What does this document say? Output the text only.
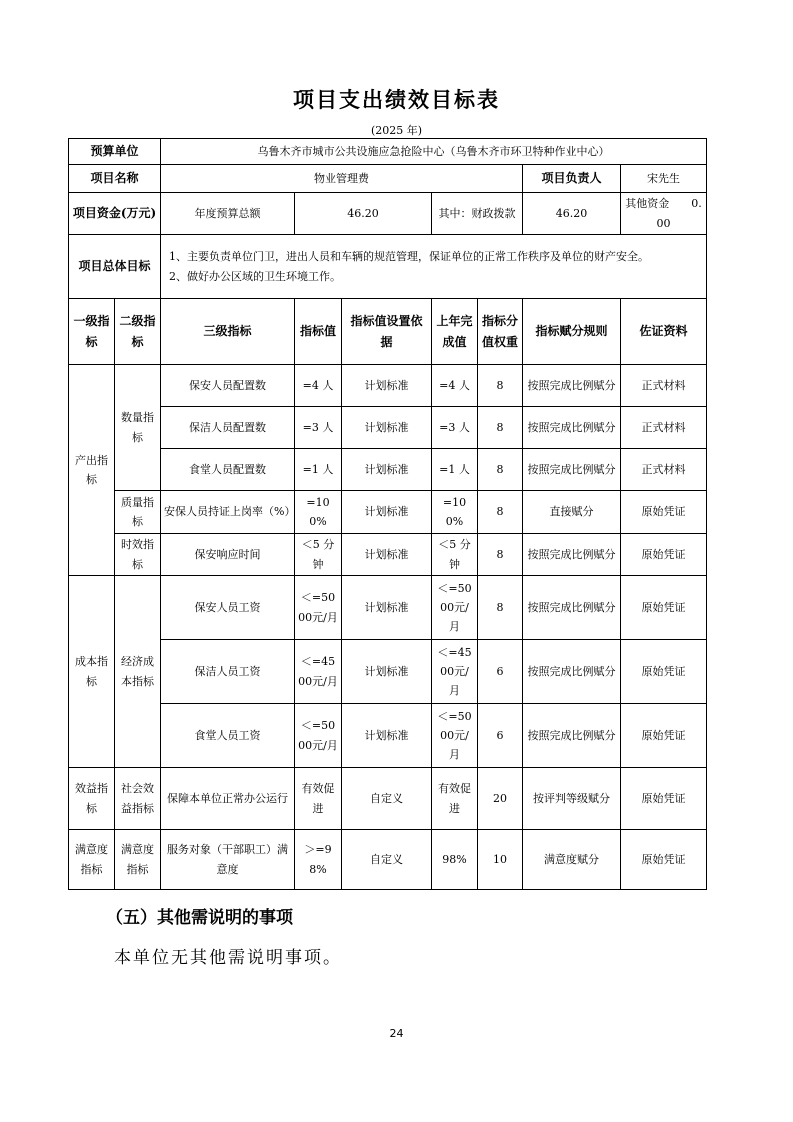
项目支出绩效目标表
(2025 年)
预算单位		乌鲁木齐市城市公共设施应急抢险中心（乌鲁木齐市环卫特种作业中心）						
项目名称		物业管理费					项目负责人	宋先生
项目资金(万元)		年度预算总额	46.20		其中：财政拨款		46.20	其他资金   0.00
项目总体目标		1、主要负责单位门卫，进出人员和车辆的规范管理，保证单位的正常工作秩序及单位的财产安全。
2、做好办公区域的卫生环境工作。						

一级指标	二级指标	三级指标	指标值	指标值设置依据	上年完成值	指标分值权重	指标赋分规则	佐证资料
产出指标	数量指标	保安人员配置数	=4 人	计划标准	=4 人	8	按照完成比例赋分	正式材料
		保洁人员配置数	=3 人	计划标准	=3 人	8	按照完成比例赋分	正式材料
		食堂人员配置数	=1 人	计划标准	=1 人	8	按照完成比例赋分	正式材料
	质量指标	安保人员持证上岗率（%）	=100%	计划标准	=100%	8	直接赋分	原始凭证
	时效指标	保安响应时间	＜5 分钟	计划标准	＜5 分钟	8	按照完成比例赋分	原始凭证
成本指标	经济成本指标	保安人员工资	＜=5000元/月	计划标准	＜=5000元/月	8	按照完成比例赋分	原始凭证
		保洁人员工资	＜=4500元/月	计划标准	＜=4500元/月	6	按照完成比例赋分	原始凭证
		食堂人员工资	＜=5000元/月	计划标准	＜=5000元/月	6	按照完成比例赋分	原始凭证
效益指标	社会效益指标	保障本单位正常办公运行	有效促进	自定义	有效促进	20	按评判等级赋分	原始凭证
满意度指标	满意度指标	服务对象（干部职工）满意度	＞=98%	自定义	98%	10	满意度赋分	原始凭证
（五）其他需说明的事项
本单位无其他需说明事项。
24
